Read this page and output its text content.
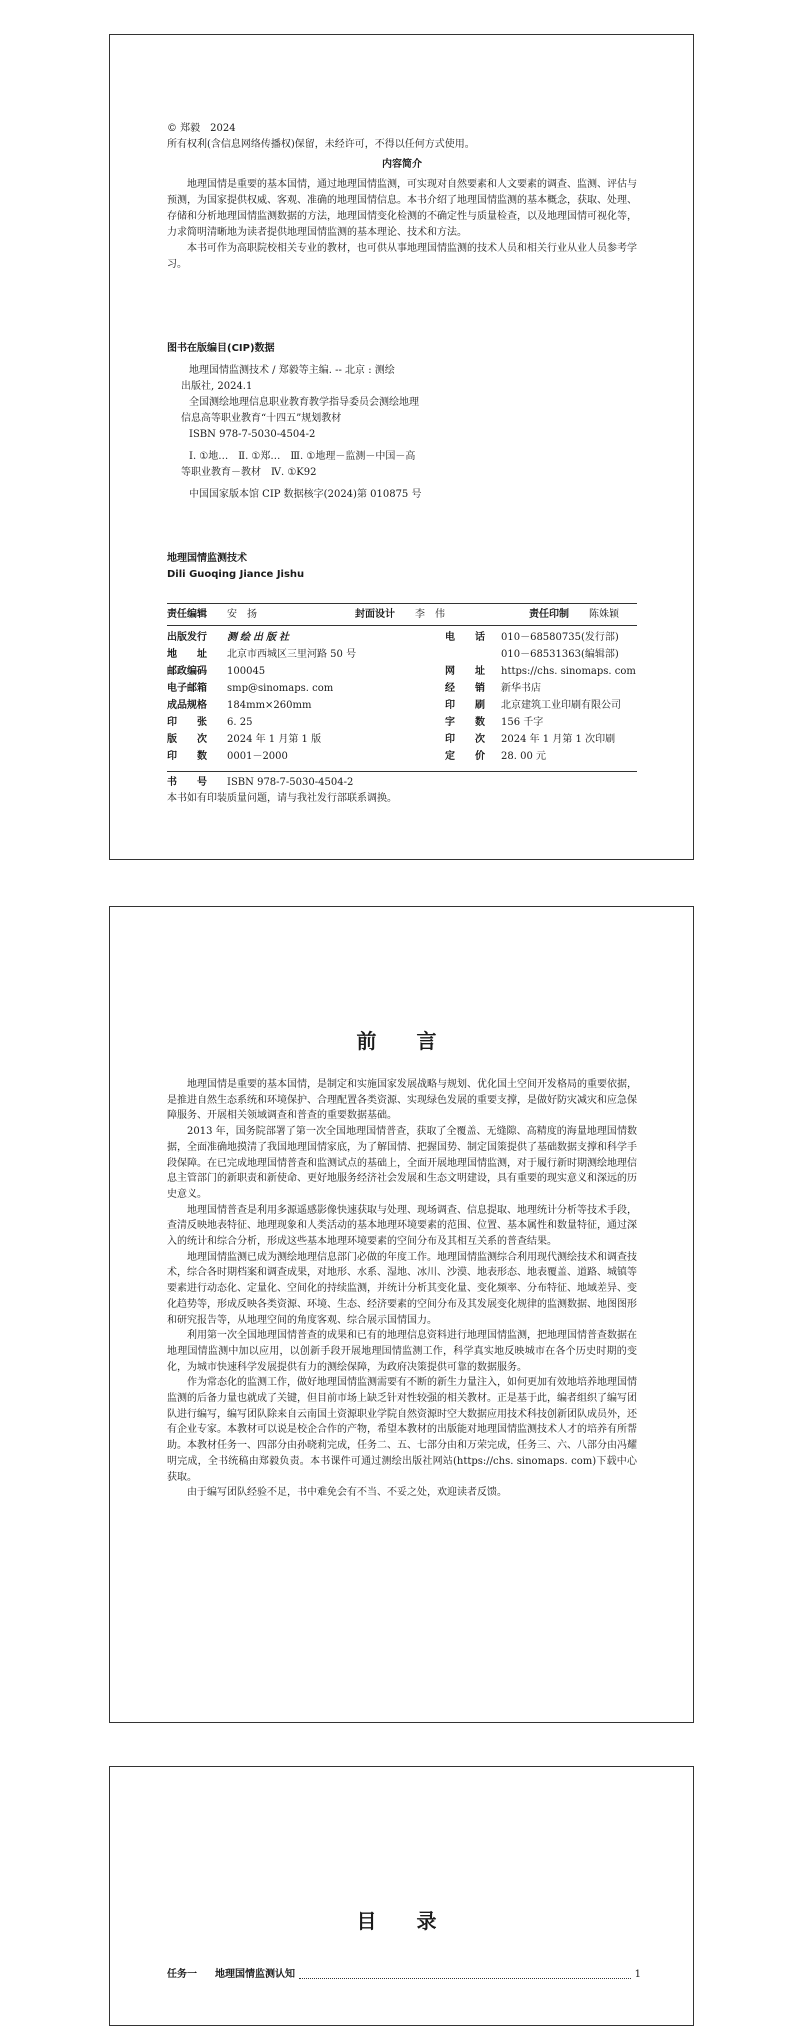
© 郑毅　2024
所有权利(含信息网络传播权)保留，未经许可，不得以任何方式使用。
内容简介

地理国情是重要的基本国情，通过地理国情监测，可实现对自然要素和人文要素的调查、监测、评估与预测，为国家提供权威、客观、准确的地理国情信息。本书介绍了地理国情监测的基本概念，获取、处理、存储和分析地理国情监测数据的方法，地理国情变化检测的不确定性与质量检查，以及地理国情可视化等，力求简明清晰地为读者提供地理国情监测的基本理论、技术和方法。

本书可作为高职院校相关专业的教材，也可供从事地理国情监测的技术人员和相关行业从业人员参考学习。

图书在版编目(CIP)数据
地理国情监测技术 / 郑毅等主编. -- 北京 : 测绘
出版社, 2024.1
全国测绘地理信息职业教育教学指导委员会测绘地理
信息高等职业教育“十四五”规划教材
ISBN 978-7-5030-4504-2
Ⅰ. ①地…　Ⅱ. ①郑…　Ⅲ. ①地理－监测－中国－高
等职业教育－教材　Ⅳ. ①K92
中国国家版本馆 CIP 数据核字(2024)第 010875 号
地理国情监测技术
Dili Guoqing Jiance Jishu
责任编辑 安　扬	封面设计 李　伟	责任印制 陈姝颖
出版发行	测绘出版社	电　　话	010－68580735(发行部)
地　　址	北京市西城区三里河路 50 号		010－68531363(编辑部)
邮政编码	100045	网　　址	https://chs. sinomaps. com
电子邮箱	smp@sinomaps. com	经　　销	新华书店
成品规格	184mm×260mm	印　　刷	北京建筑工业印刷有限公司
印　　张	6. 25	字　　数	156 千字
版　　次	2024 年 1 月第 1 版	印　　次	2024 年 1 月第 1 次印刷
印　　数	0001－2000	定　　价	28. 00 元
书　　号 ISBN 978-7-5030-4504-2
本书如有印装质量问题，请与我社发行部联系调换。
前　言

地理国情是重要的基本国情，是制定和实施国家发展战略与规划、优化国土空间开发格局的重要依据，是推进自然生态系统和环境保护、合理配置各类资源、实现绿色发展的重要支撑，是做好防灾减灾和应急保障服务、开展相关领域调查和普查的重要数据基础。

2013 年，国务院部署了第一次全国地理国情普查，获取了全覆盖、无缝隙、高精度的海量地理国情数据，全面准确地摸清了我国地理国情家底，为了解国情、把握国势、制定国策提供了基础数据支撑和科学手段保障。在已完成地理国情普查和监测试点的基础上，全面开展地理国情监测，对于履行新时期测绘地理信息主管部门的新职责和新使命、更好地服务经济社会发展和生态文明建设，具有重要的现实意义和深远的历史意义。

地理国情普查是利用多源遥感影像快速获取与处理、现场调查、信息提取、地理统计分析等技术手段，查清反映地表特征、地理现象和人类活动的基本地理环境要素的范围、位置、基本属性和数量特征，通过深入的统计和综合分析，形成这些基本地理环境要素的空间分布及其相互关系的普查结果。

地理国情监测已成为测绘地理信息部门必做的年度工作。地理国情监测综合利用现代测绘技术和调查技术，综合各时期档案和调查成果，对地形、水系、湿地、冰川、沙漠、地表形态、地表覆盖、道路、城镇等要素进行动态化、定量化、空间化的持续监测，并统计分析其变化量、变化频率、分布特征、地域差异、变化趋势等，形成反映各类资源、环境、生态、经济要素的空间分布及其发展变化规律的监测数据、地图图形和研究报告等，从地理空间的角度客观、综合展示国情国力。

利用第一次全国地理国情普查的成果和已有的地理信息资料进行地理国情监测，把地理国情普查数据在地理国情监测中加以应用，以创新手段开展地理国情监测工作，科学真实地反映城市在各个历史时期的变化，为城市快速科学发展提供有力的测绘保障，为政府决策提供可靠的数据服务。

作为常态化的监测工作，做好地理国情监测需要有不断的新生力量注入，如何更加有效地培养地理国情监测的后备力量也就成了关键，但目前市场上缺乏针对性较强的相关教材。正是基于此，编者组织了编写团队进行编写，编写团队除来自云南国土资源职业学院自然资源时空大数据应用技术科技创新团队成员外，还有企业专家。本教材可以说是校企合作的产物，希望本教材的出版能对地理国情监测技术人才的培养有所帮助。本教材任务一、四部分由孙晓莉完成，任务二、五、七部分由和万荣完成，任务三、六、八部分由冯耀明完成，全书统稿由郑毅负责。本书课件可通过测绘出版社网站(https://chs. sinomaps. com)下载中心获取。

由于编写团队经验不足，书中难免会有不当、不妥之处，欢迎读者反馈。

目　录
任务一	地理国情监测认知	1
